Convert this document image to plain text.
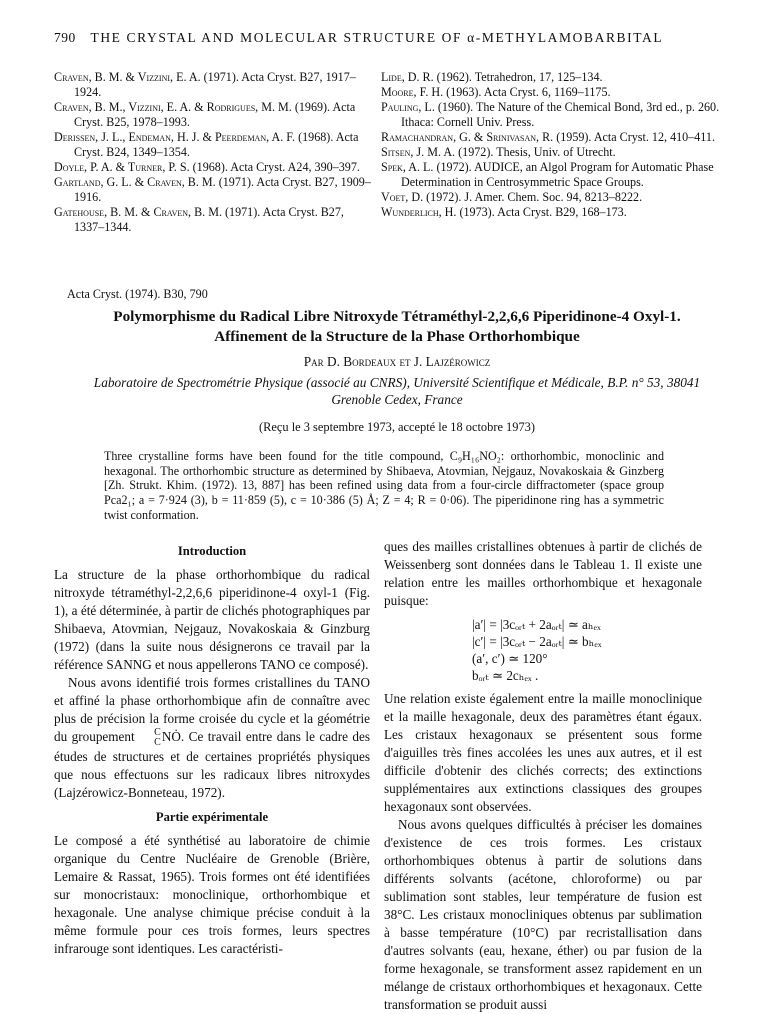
790 THE CRYSTAL AND MOLECULAR STRUCTURE OF α-METHYLAMOBARBITAL

Craven, B. M. & Vizzini, E. A. (1971). Acta Cryst. B27, 1917–1924.

Craven, B. M., Vizzini, E. A. & Rodrigues, M. M. (1969). Acta Cryst. B25, 1978–1993.

Derissen, J. L., Endeman, H. J. & Peerdeman, A. F. (1968). Acta Cryst. B24, 1349–1354.

Doyle, P. A. & Turner, P. S. (1968). Acta Cryst. A24, 390–397.

Gartland, G. L. & Craven, B. M. (1971). Acta Cryst. B27, 1909–1916.

Gatehouse, B. M. & Craven, B. M. (1971). Acta Cryst. B27, 1337–1344.

Lide, D. R. (1962). Tetrahedron, 17, 125–134.

Moore, F. H. (1963). Acta Cryst. 6, 1169–1175.

Pauling, L. (1960). The Nature of the Chemical Bond, 3rd ed., p. 260. Ithaca: Cornell Univ. Press.

Ramachandran, G. & Srinivasan, R. (1959). Acta Cryst. 12, 410–411.

Sitsen, J. M. A. (1972). Thesis, Univ. of Utrecht.

Spek, A. L. (1972). AUDICE, an Algol Program for Automatic Phase Determination in Centrosymmetric Space Groups.

Voet, D. (1972). J. Amer. Chem. Soc. 94, 8213–8222.

Wunderlich, H. (1973). Acta Cryst. B29, 168–173.

Acta Cryst. (1974). B30, 790
Polymorphisme du Radical Libre Nitroxyde Tétraméthyl-2,2,6,6 Piperidinone-4 Oxyl-1.
Affinement de la Structure de la Phase Orthorhombique
Par D. Bordeaux et J. Lajzérowicz
Laboratoire de Spectrométrie Physique (associé au CNRS), Université Scientifique et Médicale, B.P. n° 53, 38041
Grenoble Cedex, France
(Reçu le 3 septembre 1973, accepté le 18 octobre 1973)
Three crystalline forms have been found for the title compound, C₉H₁₆NO₂: orthorhombic, monoclinic and hexagonal. The orthorhombic structure as determined by Shibaeva, Atovmian, Nejgauz, Novakoskaia & Ginzberg [Zh. Strukt. Khim. (1972). 13, 887] has been refined using data from a four-circle diffractometer (space group Pca2₁; a = 7·924 (3), b = 11·859 (5), c = 10·386 (5) Å; Z = 4; R = 0·06). The piperidinone ring has a symmetric twist conformation.
Introduction

La structure de la phase orthorhombique du radical nitroxyde tétraméthyl-2,2,6,6 piperidinone-4 oxyl-1 (Fig. 1), a été déterminée, à partir de clichés photographiques par Shibaeva, Atovmian, Nejgauz, Novakoskaia & Ginzburg (1972) (dans la suite nous désignerons ce travail par la référence SANNG et nous appellerons TANO ce composé).

Nous avons identifié trois formes cristallines du TANO et affiné la phase orthorhombique afin de connaître avec plus de précision la forme croisée du cycle et la géométrie du groupement	C
C NȮ. Ce travail entre dans le cadre des études de structures et de certaines propriétés physiques que nous effectuons sur les radicaux libres nitroxydes (Lajzérowicz-Bonneteau, 1972).

Partie expérimentale

Le composé a été synthétisé au laboratoire de chimie organique du Centre Nucléaire de Grenoble (Brière, Lemaire & Rassat, 1965). Trois formes ont été identifiées sur monocristaux: monoclinique, orthorhombique et hexagonale. Une analyse chimique précise conduit à la même formule pour ces trois formes, leurs spectres infrarouge sont identiques. Les caractéristi-

ques des mailles cristallines obtenues à partir de clichés de Weissenberg sont données dans le Tableau 1. Il existe une relation entre les mailles orthorhombique et hexagonale puisque:

|a′| = |3cₒᵣₜ + 2aₒᵣₜ| ≃ aₕₑₓ
|c′| = |3cₒᵣₜ − 2aₒᵣₜ| ≃ bₕₑₓ
(a′, c′) ≃ 120°
bₒᵣₜ ≃ 2cₕₑₓ .

Une relation existe également entre la maille monoclinique et la maille hexagonale, deux des paramètres étant égaux. Les cristaux hexagonaux se présentent sous forme d'aiguilles très fines accolées les unes aux autres, et il est difficile d'obtenir des clichés corrects; des extinctions supplémentaires aux extinctions classiques des groupes hexagonaux sont observées.

Nous avons quelques difficultés à préciser les domaines d'existence de ces trois formes. Les cristaux orthorhombiques obtenus à partir de solutions dans différents solvants (acétone, chloroforme) ou par sublimation sont stables, leur température de fusion est 38°C. Les cristaux monocliniques obtenus par sublimation à basse température (10°C) par recristallisation dans d'autres solvants (eau, hexane, éther) ou par fusion de la forme hexagonale, se transforment assez rapidement en un mélange de cristaux orthorhombiques et hexagonaux. Cette transformation se produit aussi
